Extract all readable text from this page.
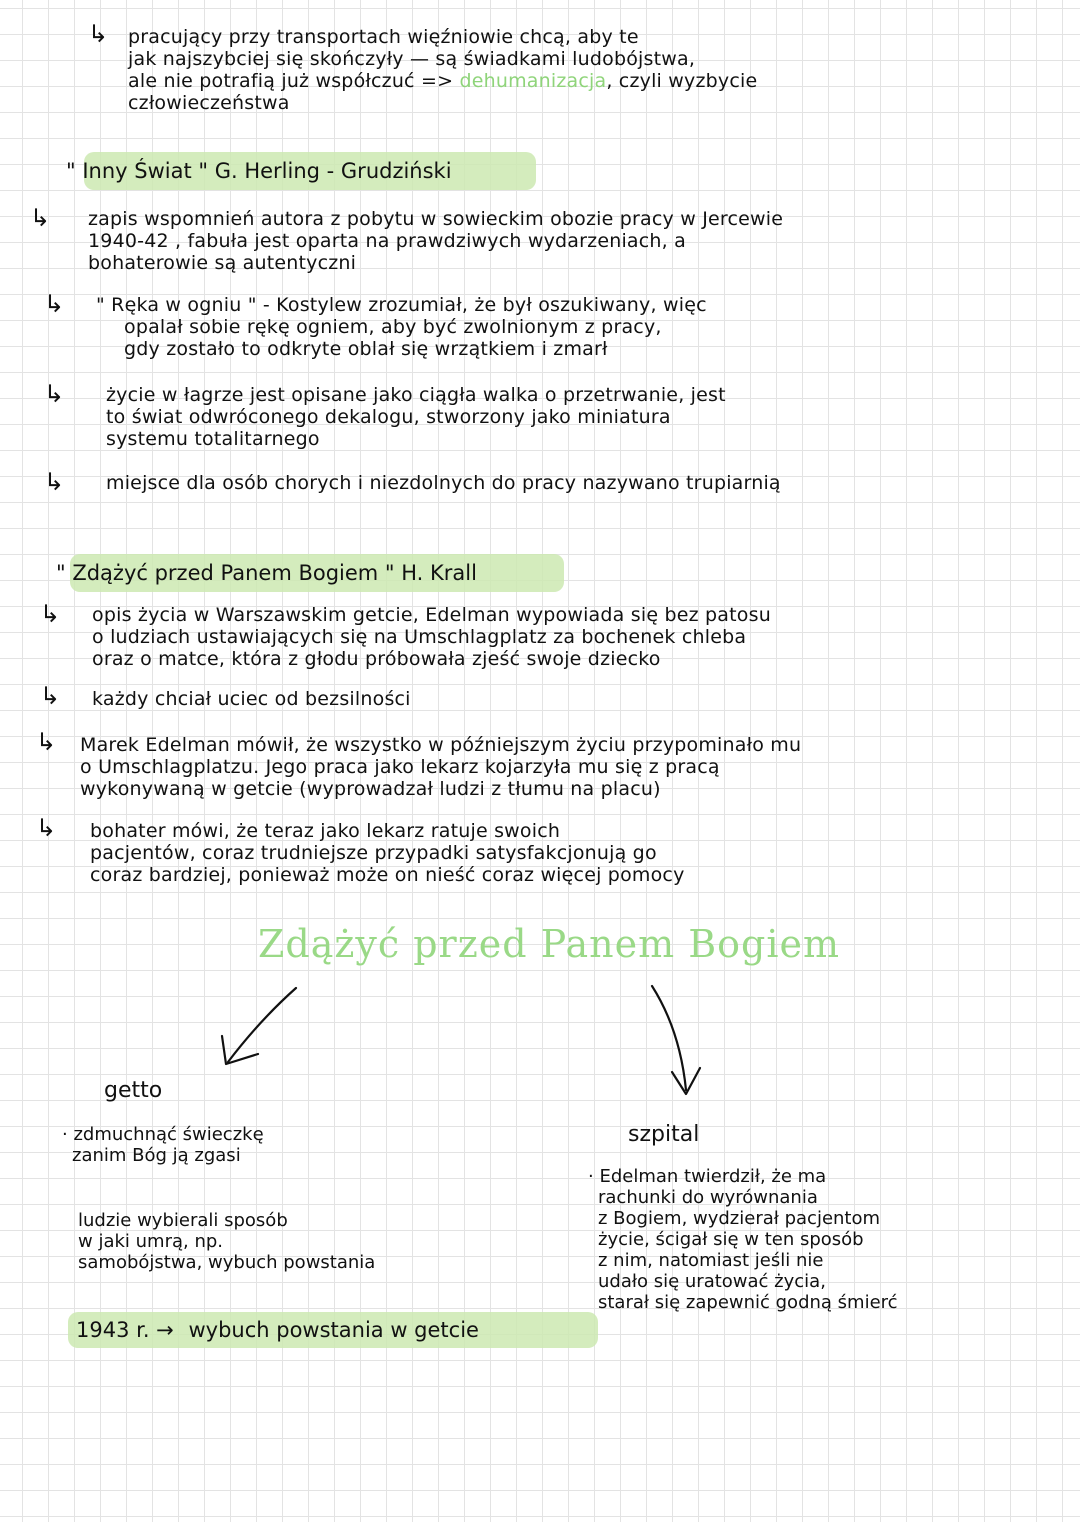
↳ pracujący przy transportach więźniowie chcą, aby te
jak najszybciej się skończyły — są świadkami ludobójstwa,
ale nie potrafią już współczuć => dehumanizacja, czyli wyzbycie
człowieczeństwa
" Inny Świat " G. Herling - Grudziński
↳ zapis wspomnień autora z pobytu w sowieckim obozie pracy w Jercewie
1940-42 , fabuła jest oparta na prawdziwych wydarzeniach, a
bohaterowie są autentyczni
↳ " Ręka w ogniu " - Kostylew zrozumiał, że był oszukiwany, więc
opalał sobie rękę ogniem, aby być zwolnionym z pracy,
gdy zostało to odkryte oblał się wrzątkiem i zmarł
↳ życie w łagrze jest opisane jako ciągła walka o przetrwanie, jest
to świat odwróconego dekalogu, stworzony jako miniatura
systemu totalitarnego
↳ miejsce dla osób chorych i niezdolnych do pracy nazywano trupiarnią
" Zdążyć przed Panem Bogiem " H. Krall
↳ opis życia w Warszawskim getcie, Edelman wypowiada się bez patosu
o ludziach ustawiających się na Umschlagplatz za bochenek chleba
oraz o matce, która z głodu próbowała zjeść swoje dziecko
↳ każdy chciał uciec od bezsilności
↳ Marek Edelman mówił, że wszystko w późniejszym życiu przypominało mu
o Umschlagplatzu. Jego praca jako lekarz kojarzyła mu się z pracą
wykonywaną w getcie (wyprowadzał ludzi z tłumu na placu)
↳ bohater mówi, że teraz jako lekarz ratuje swoich
pacjentów, coraz trudniejsze przypadki satysfakcjonują go
coraz bardziej, ponieważ może on nieść coraz więcej pomocy
Zdążyć przed Panem Bogiem
getto
· zdmuchnąć świeczkę
zanim Bóg ją zgasi
ludzie wybierali sposób
w jaki umrą, np.
samobójstwa, wybuch powstania
1943 r. → wybuch powstania w getcie
szpital
· Edelman twierdził, że ma
rachunki do wyrównania
z Bogiem, wydzierał pacjentom
życie, ścigał się w ten sposób
z nim, natomiast jeśli nie
udało się uratować życia,
starał się zapewnić godną śmierć
